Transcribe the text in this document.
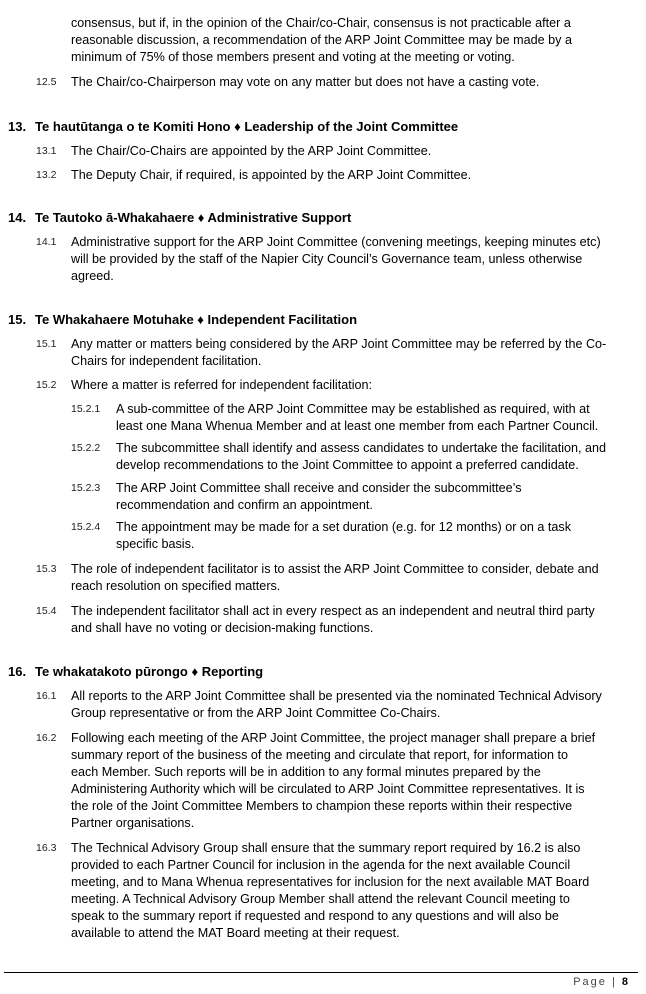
consensus, but if, in the opinion of the Chair/co-Chair, consensus is not practicable after a
reasonable discussion, a recommendation of the ARP Joint Committee may be made by a
minimum of 75% of those members present and voting at the meeting or voting.
12.5 The Chair/co-Chairperson may vote on any matter but does not have a casting vote.
13. Te hautūtanga o te Komiti Hono ♦ Leadership of the Joint Committee
13.1 The Chair/Co-Chairs are appointed by the ARP Joint Committee.
13.2 The Deputy Chair, if required, is appointed by the ARP Joint Committee.
14. Te Tautoko ā-Whakahaere ♦ Administrative Support
14.1 Administrative support for the ARP Joint Committee (convening meetings, keeping minutes etc)
will be provided by the staff of the Napier City Council’s Governance team, unless otherwise
agreed.
15. Te Whakahaere Motuhake ♦ Independent Facilitation
15.1 Any matter or matters being considered by the ARP Joint Committee may be referred by the Co-
Chairs for independent facilitation.
15.2 Where a matter is referred for independent facilitation:
15.2.1 A sub-committee of the ARP Joint Committee may be established as required, with at
least one Mana Whenua Member and at least one member from each Partner Council.
15.2.2 The subcommittee shall identify and assess candidates to undertake the facilitation, and
develop recommendations to the Joint Committee to appoint a preferred candidate.
15.2.3 The ARP Joint Committee shall receive and consider the subcommittee’s
recommendation and confirm an appointment.
15.2.4 The appointment may be made for a set duration (e.g. for 12 months) or on a task
specific basis.
15.3 The role of independent facilitator is to assist the ARP Joint Committee to consider, debate and
reach resolution on specified matters.
15.4 The independent facilitator shall act in every respect as an independent and neutral third party
and shall have no voting or decision-making functions.
16. Te whakatakoto pūrongo ♦ Reporting
16.1 All reports to the ARP Joint Committee shall be presented via the nominated Technical Advisory
Group representative or from the ARP Joint Committee Co-Chairs.
16.2 Following each meeting of the ARP Joint Committee, the project manager shall prepare a brief
summary report of the business of the meeting and circulate that report, for information to
each Member. Such reports will be in addition to any formal minutes prepared by the
Administering Authority which will be circulated to ARP Joint Committee representatives. It is
the role of the Joint Committee Members to champion these reports within their respective
Partner organisations.
16.3 The Technical Advisory Group shall ensure that the summary report required by 16.2 is also
provided to each Partner Council for inclusion in the agenda for the next available Council
meeting, and to Mana Whenua representatives for inclusion for the next available MAT Board
meeting. A Technical Advisory Group Member shall attend the relevant Council meeting to
speak to the summary report if requested and respond to any questions and will also be
available to attend the MAT Board meeting at their request.
Page | 8
